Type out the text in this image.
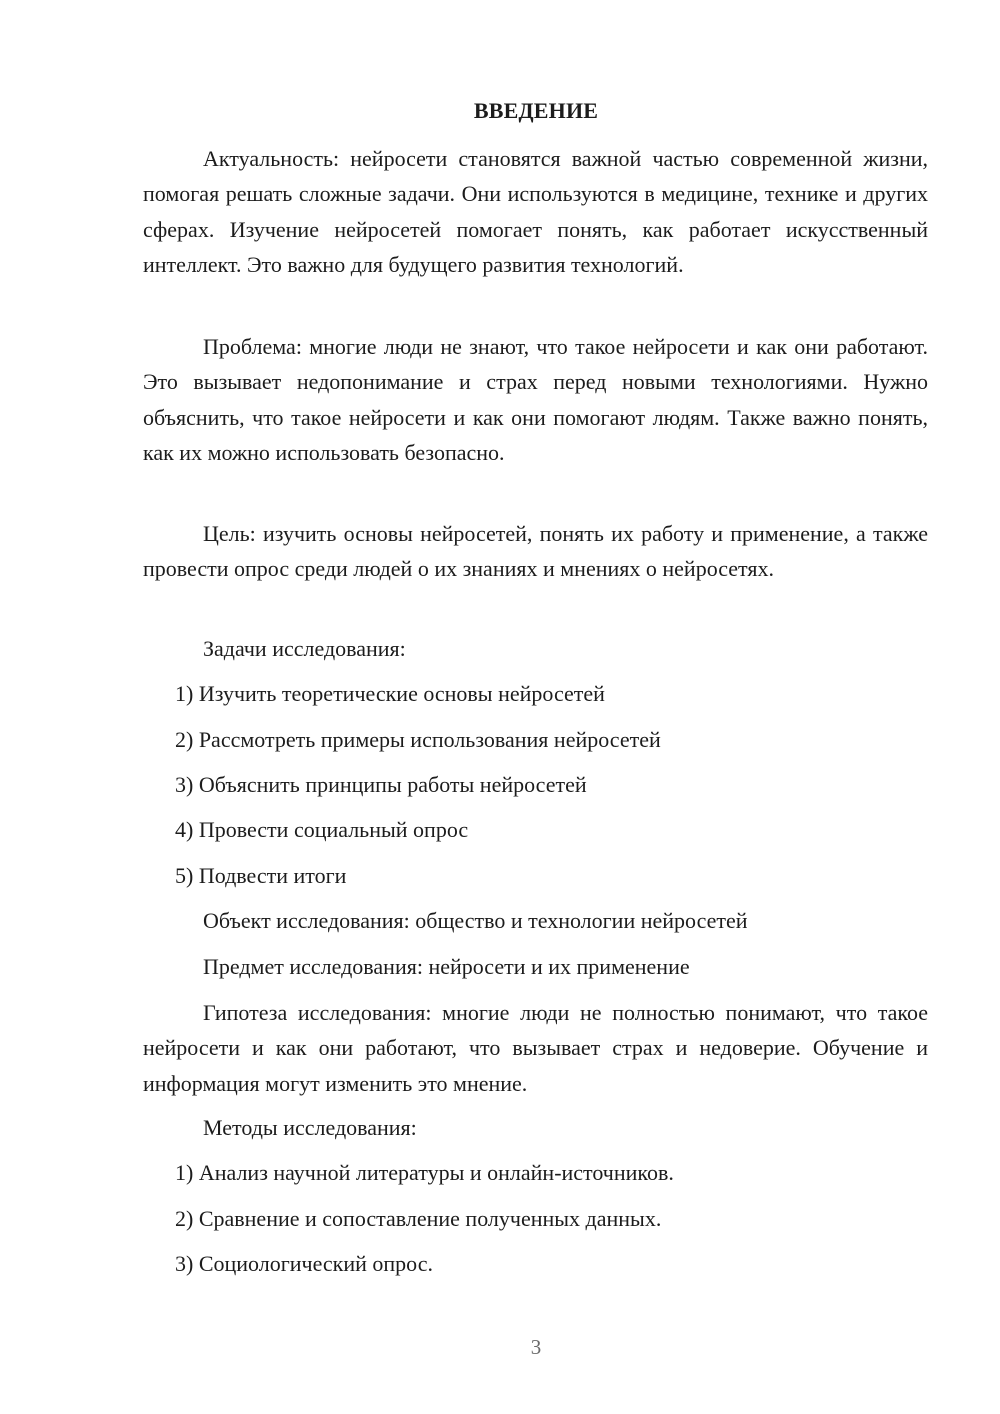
ВВЕДЕНИЕ

Актуальность: нейросети становятся важной частью современной жизни, помогая решать сложные задачи. Они используются в медицине, технике и других сферах. Изучение нейросетей помогает понять, как работает искусственный интеллект. Это важно для будущего развития технологий.

Проблема: многие люди не знают, что такое нейросети и как они работают. Это вызывает недопонимание и страх перед новыми технологиями. Нужно объяснить, что такое нейросети и как они помогают людям. Также важно понять, как их можно использовать безопасно.

Цель: изучить основы нейросетей, понять их работу и применение, а также провести опрос среди людей о их знаниях и мнениях о нейросетях.

Задачи исследования:

1) Изучить теоретические основы нейросетей

2) Рассмотреть примеры использования нейросетей

3) Объяснить принципы работы нейросетей

4) Провести социальный опрос

5) Подвести итоги

Объект исследования: общество и технологии нейросетей

Предмет исследования: нейросети и их применение

Гипотеза исследования: многие люди не полностью понимают, что такое нейросети и как они работают, что вызывает страх и недоверие. Обучение и информация могут изменить это мнение.

Методы исследования:

1) Анализ научной литературы и онлайн-источников.

2) Сравнение и сопоставление полученных данных.

3) Социологический опрос.

3
